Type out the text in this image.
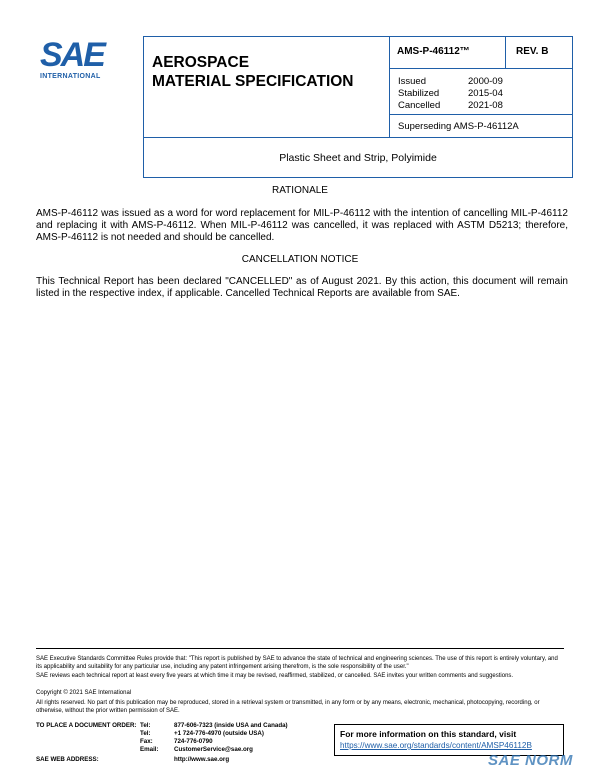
SAE
INTERNATIONAL
AEROSPACE
MATERIAL SPECIFICATION
AMS-P-46112™	REV. B
Issued	2000-09
Stabilized	2015-04
Cancelled	2021-08
Superseding AMS-P-46112A
Plastic Sheet and Strip, Polyimide
RATIONALE
AMS-P-46112 was issued as a word for word replacement for MIL-P-46112 with the intention of cancelling MIL-P-46112 and replacing it with AMS-P-46112. When MIL-P-46112 was cancelled, it was replaced with ASTM D5213; therefore, AMS-P-46112 is not needed and should be cancelled.
CANCELLATION NOTICE
This Technical Report has been declared "CANCELLED" as of August 2021. By this action, this document will remain listed in the respective index, if applicable. Cancelled Technical Reports are available from SAE.
SAE Executive Standards Committee Rules provide that: "This report is published by SAE to advance the state of technical and engineering sciences. The use of this report is entirely voluntary, and its applicability and suitability for any particular use, including any patent infringement arising therefrom, is the sole responsibility of the user."
SAE reviews each technical report at least every five years at which time it may be revised, reaffirmed, stabilized, or cancelled. SAE invites your written comments and suggestions.
Copyright © 2021 SAE International
All rights reserved. No part of this publication may be reproduced, stored in a retrieval system or transmitted, in any form or by any means, electronic, mechanical, photocopying, recording, or otherwise, without the prior written permission of SAE.
TO PLACE A DOCUMENT ORDER: Tel:	877-606-7323 (inside USA and Canada)
Tel:	+1 724-776-4970 (outside USA)
Fax:	724-776-0790
Email:	CustomerService@sae.org
SAE WEB ADDRESS:	http://www.sae.org
For more information on this standard, visit
https://www.sae.org/standards/content/AMSP46112B
SAE NORM
